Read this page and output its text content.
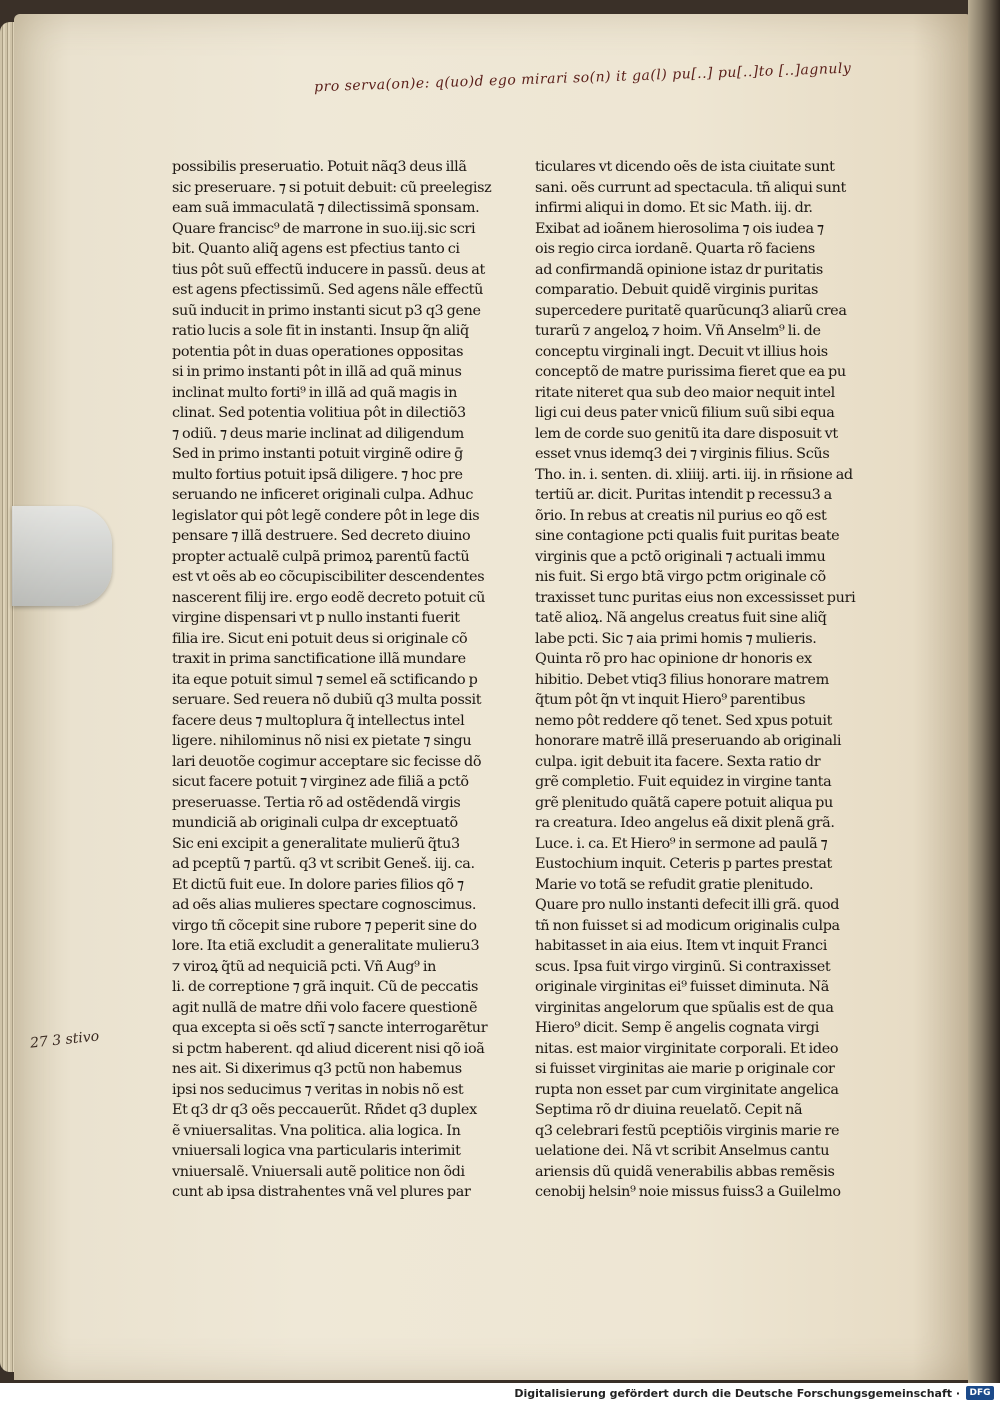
pro serva(on)e: q(uo)d ego mirari so(n) it ga(l) pu[..] pu[..]to [..]agnuly
27 3 stivo
possibilis preseruatio. Potuit nãq3 deus illã
sic preseruare. ⁊ si potuit debuit: cũ preelegisz
eam suã immaculatã ⁊ dilectissimã sponsam.
Quare francisc⁹ de marrone in suo.iij.sic scri
bit. Quanto aliq̃ agens est pfectius tanto ci
tius pôt suũ effectũ inducere in passũ. deus at
est agens pfectissimũ. Sed agens nãle effectũ
suũ inducit in primo instanti sicut p3 q3 gene
ratio lucis a sole fit in instanti. Insup q̃n aliq̃
potentia pôt in duas operationes oppositas
si in primo instanti pôt in illã ad quã minus
inclinat multo forti⁹ in illã ad quã magis in
clinat. Sed potentia volitiua pôt in dilectiõ3
⁊ odiũ. ⁊ deus marie inclinat ad diligendum
Sed in primo instanti potuit virginẽ odire ḡ
multo fortius potuit ipsã diligere. ⁊ hoc pre
seruando ne inficeret originali culpa. Adhuc
legislator qui pôt legẽ condere pôt in lege dis
pensare ⁊ illã destruere. Sed decreto diuino
propter actualẽ culpã primoꝝ parentũ factũ
est vt oẽs ab eo cõcupiscibiliter descendentes
nascerent filij ire. ergo eodẽ decreto potuit cũ
virgine dispensari vt p nullo instanti fuerit
filia ire. Sicut eni potuit deus si originale cõ
traxit in prima sanctificatione illã mundare
ita eque potuit simul ⁊ semel eã sctificando p
seruare. Sed reuera nõ dubiũ q3 multa possit
facere deus ⁊ multoplura q̃ intellectus intel
ligere. nihilominus nõ nisi ex pietate ⁊ singu
lari deuotõe cogimur acceptare sic fecisse dõ
sicut facere potuit ⁊ virginez ade filiã a pctõ
preseruasse. Tertia rõ ad ostẽdendã virgis
mundiciã ab originali culpa dr exceptuatõ
Sic eni excipit a generalitate mulierũ q̃tu3
ad pceptũ ⁊ partũ. q3 vt scribit Geneš. iij. ca.
Et dictũ fuit eue. In dolore paries filios qõ ⁊
ad oẽs alias mulieres spectare cognoscimus.
virgo tñ cõcepit sine rubore ⁊ peperit sine do
lore. Ita etiã excludit a generalitate mulieru3
⁊ viroꝝ q̃tũ ad nequiciã pcti. Vñ Aug⁹ in
li. de correptione ⁊ grã inquit. Cũ de peccatis
agit nullã de matre dñi volo facere questionẽ
qua excepta si oẽs sctĩ ⁊ sancte interrogarẽtur
si pctm haberent. qd aliud dicerent nisi qõ ioã
nes ait. Si dixerimus q3 pctũ non habemus
ipsi nos seducimus ⁊ veritas in nobis nõ est
Et q3 dr q3 oẽs peccauerũt. Rñdet q3 duplex
ẽ vniuersalitas. Vna politica. alia logica. In
vniuersali logica vna particularis interimit
vniuersalẽ. Vniuersali autẽ politice non õdi
cunt ab ipsa distrahentes vnã vel plures par
ticulares vt dicendo oẽs de ista ciuitate sunt
sani. oẽs currunt ad spectacula. tñ aliqui sunt
infirmi aliqui in domo. Et sic Math. iij. dr.
Exibat ad ioãnem hierosolima ⁊ ois iudea ⁊
ois regio circa iordanẽ. Quarta rõ faciens
ad confirmandã opinione istaz dr puritatis
comparatio. Debuit quidẽ virginis puritas
supercedere puritatẽ quarũcunq3 aliarũ crea
turarũ ⁊ angeloꝝ ⁊ hoim. Vñ Anselm⁹ li. de
conceptu virginali ingt. Decuit vt illius hois
conceptõ de matre purissima fieret que ea pu
ritate niteret qua sub deo maior nequit intel
ligi cui deus pater vnicũ filium suũ sibi equa
lem de corde suo genitũ ita dare disposuit vt
esset vnus idemq3 dei ⁊ virginis filius. Scũs
Tho. in. i. senten. di. xliiij. arti. iij. in rñsione ad
tertiũ ar. dicit. Puritas intendit p recessu3 a
õrio. In rebus at creatis nil purius eo qõ est
sine contagione pcti qualis fuit puritas beate
virginis que a pctõ originali ⁊ actuali immu
nis fuit. Si ergo btã virgo pctm originale cõ
traxisset tunc puritas eius non excessisset puri
tatẽ alioꝝ. Nã angelus creatus fuit sine aliq̃
labe pcti. Sic ⁊ aia primi homis ⁊ mulieris.
Quinta rõ pro hac opinione dr honoris ex
hibitio. Debet vtiq3 filius honorare matrem
q̃tum pôt q̃n vt inquit Hiero⁹ parentibus
nemo pôt reddere qõ tenet. Sed xpus potuit
honorare matrẽ illã preseruando ab originali
culpa. igit debuit ita facere. Sexta ratio dr
grẽ completio. Fuit equidez in virgine tanta
grẽ plenitudo quãtã capere potuit aliqua pu
ra creatura. Ideo angelus eã dixit plenã grã.
Luce. i. ca. Et Hiero⁹ in sermone ad paulã ⁊
Eustochium inquit. Ceteris p partes prestat
Marie vo totã se refudit gratie plenitudo.
Quare pro nullo instanti defecit illi grã. quod
tñ non fuisset si ad modicum originalis culpa
habitasset in aia eius. Item vt inquit Franci
scus. Ipsa fuit virgo virginũ. Si contraxisset
originale virginitas ei⁹ fuisset diminuta. Nã
virginitas angelorum que spũalis est de qua
Hiero⁹ dicit. Semp ẽ angelis cognata virgi
nitas. est maior virginitate corporali. Et ideo
si fuisset virginitas aie marie p originale cor
rupta non esset par cum virginitate angelica
Septima rõ dr diuina reuelatõ. Cepit nã
q3 celebrari festũ pceptiõis virginis marie re
uelatione dei. Nã vt scribit Anselmus cantu
ariensis dũ quidã venerabilis abbas remẽsis
cenobij helsin⁹ noie missus fuiss3 a Guilelmo
Digitalisierung gefördert durch die Deutsche Forschungsgemeinschaft ·	DFG
